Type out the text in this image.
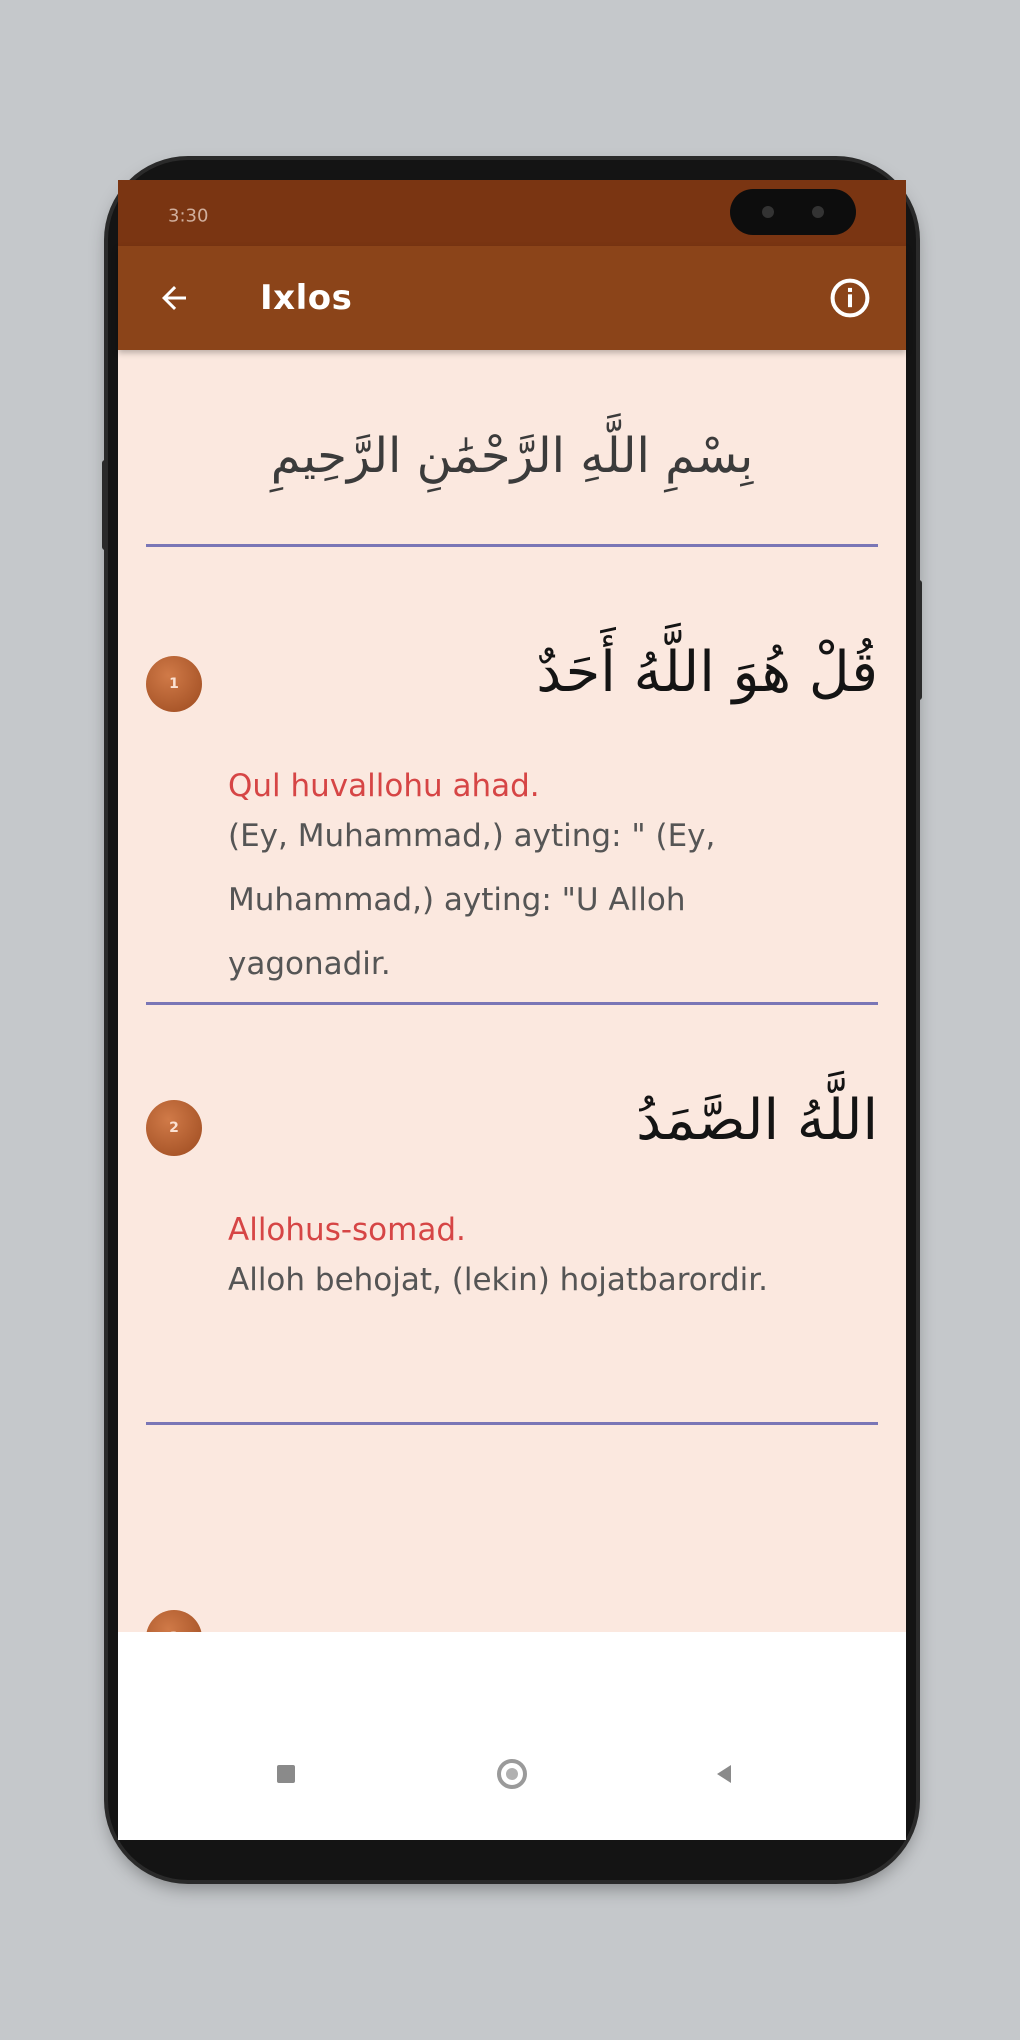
3:30
Ixlos
بِسْمِ اللَّهِ الرَّحْمَٰنِ الرَّحِيمِ
1	قُلْ هُوَ اللَّهُ أَحَدٌ
Qul huvallohu ahad.
(Ey, Muhammad,) ayting: " (Ey, Muhammad,) ayting: "U Alloh yagonadir.
2	اللَّهُ الصَّمَدُ
Allohus-somad.
Alloh behojat, (lekin) hojatbarordir.
